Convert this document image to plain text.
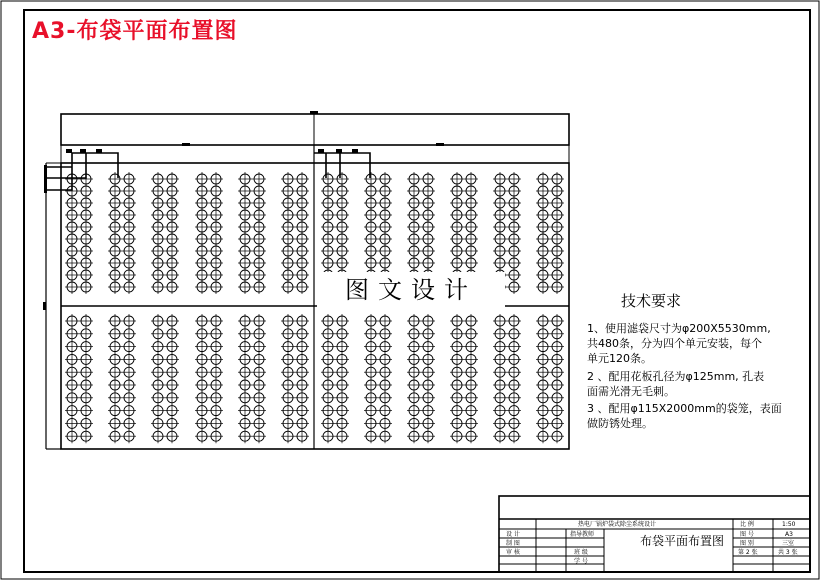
A3-布袋平面布置图
图文设计	技术要求
1、使用滤袋尺寸为φ200X5530mm,
共480条，分为四个单元安装，每个
单元120条。
2 、配用花板孔径为φ125mm, 孔表
面需光滑无毛刺。
3 、配用φ115X2000mm的袋笼，表面
做防锈处理。
热电厂锅炉袋式除尘系统设计
布袋平面布置图
设 计
制 图
审 核
指导教师
班 级
学 号
比 例
图 号
图 别
1:50
A3
三室
第 2 张	共 3 张
